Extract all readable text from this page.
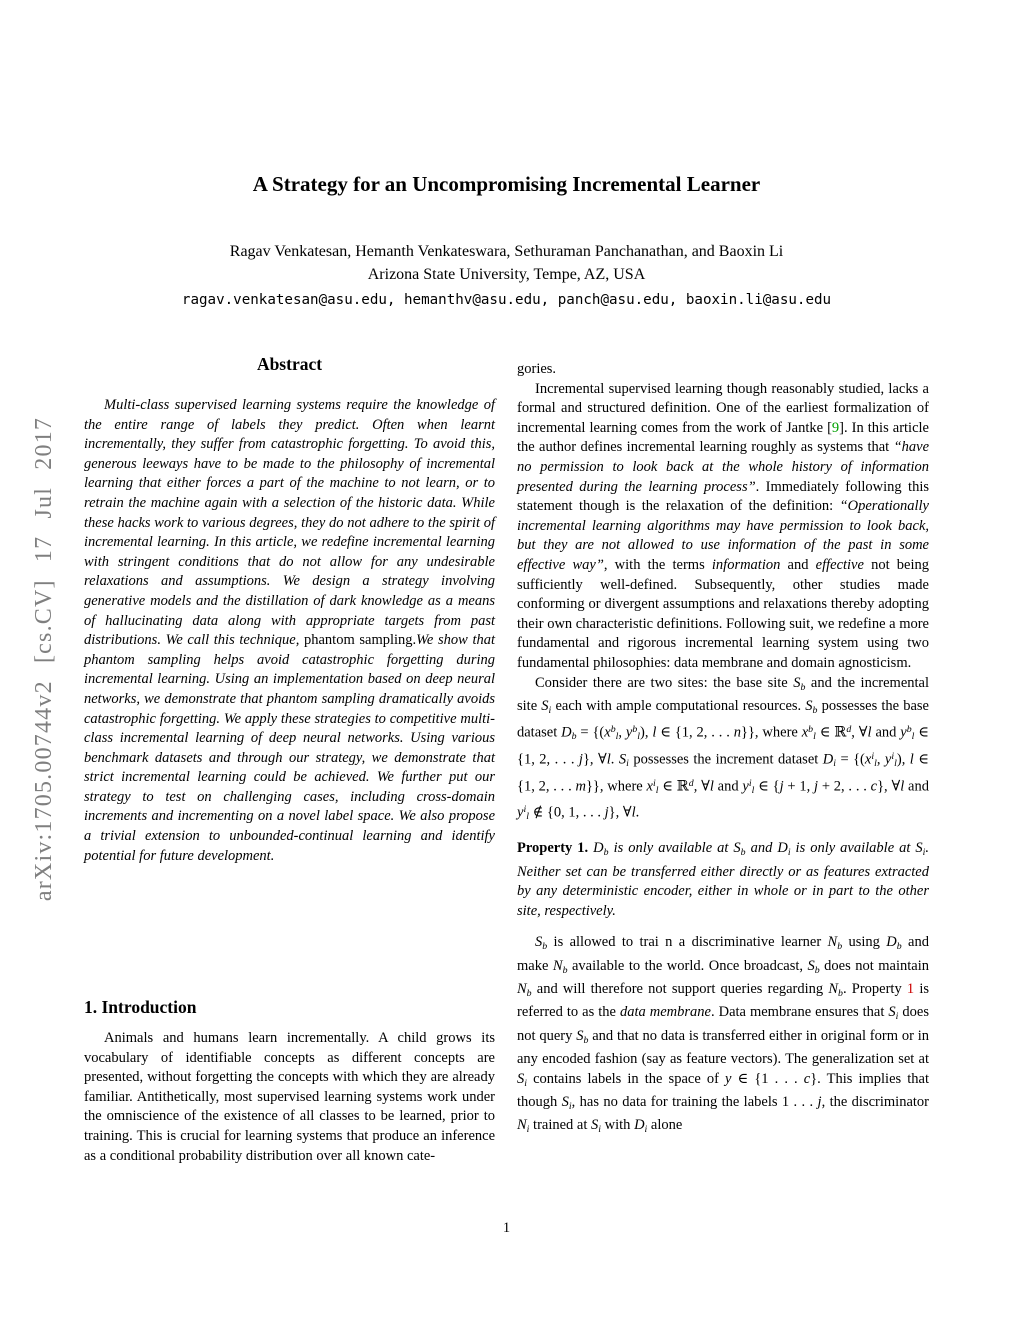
arXiv:1705.00744v2 [cs.CV] 17 Jul 2017
A Strategy for an Uncompromising Incremental Learner
Ragav Venkatesan, Hemanth Venkateswara, Sethuraman Panchanathan, and Baoxin Li
Arizona State University, Tempe, AZ, USA
ragav.venkatesan@asu.edu, hemanthv@asu.edu, panch@asu.edu, baoxin.li@asu.edu
Abstract

Multi-class supervised learning systems require the knowledge of the entire range of labels they predict. Often when learnt incrementally, they suffer from catastrophic forgetting. To avoid this, generous leeways have to be made to the philosophy of incremental learning that either forces a part of the machine to not learn, or to retrain the machine again with a selection of the historic data. While these hacks work to various degrees, they do not adhere to the spirit of incremental learning. In this article, we redefine incremental learning with stringent conditions that do not allow for any undesirable relaxations and assumptions. We design a strategy involving generative models and the distillation of dark knowledge as a means of hallucinating data along with appropriate targets from past distributions. We call this technique, phantom sampling.We show that phantom sampling helps avoid catastrophic forgetting during incremental learning. Using an implementation based on deep neural networks, we demonstrate that phantom sampling dramatically avoids catastrophic forgetting. We apply these strategies to competitive multi-class incremental learning of deep neural networks. Using various benchmark datasets and through our strategy, we demonstrate that strict incremental learning could be achieved. We further put our strategy to test on challenging cases, including cross-domain increments and incrementing on a novel label space. We also propose a trivial extension to unbounded-continual learning and identify potential for future development.

1. Introduction

Animals and humans learn incrementally. A child grows its vocabulary of identifiable concepts as different concepts are presented, without forgetting the concepts with which they are already familiar. Antithetically, most supervised learning systems work under the omniscience of the existence of all classes to be learned, prior to training. This is crucial for learning systems that produce an inference as a conditional probability distribution over all known cate-

gories.

Incremental supervised learning though reasonably studied, lacks a formal and structured definition. One of the earliest formalization of incremental learning comes from the work of Jantke [9]. In this article the author defines incremental learning roughly as systems that “have no permission to look back at the whole history of information presented during the learning process”. Immediately following this statement though is the relaxation of the definition: “Operationally incremental learning algorithms may have permission to look back, but they are not allowed to use information of the past in some effective way”, with the terms information and effective not being sufficiently well-defined. Subsequently, other studies made conforming or divergent assumptions and relaxations thereby adopting their own characteristic definitions. Following suit, we redefine a more fundamental and rigorous incremental learning system using two fundamental philosophies: data membrane and domain agnosticism.

Consider there are two sites: the base site Sb and the incremental site Si each with ample computational resources. Sb possesses the base dataset $Db = \{(x^bl$, $y^bl$), l ∈ {1, 2, . . . n}}, where $x^bl$ ∈ ℝ$^d$, ∀l and $y^bl$ ∈ {1, 2, . . . j}, ∀l. Si possesses the increment dataset $Di = \{(x^il$, $y^il$), l ∈ {1, 2, . . . m}}, where $x^il$ ∈ ℝ$^d$, ∀l and $y^il$ ∈ {j + 1, j + 2, . . . c}, ∀l and $y^il$ ∉ {0, 1, . . . j}, ∀l.

Property 1. Db is only available at Sb and Di is only available at Si. Neither set can be transferred either directly or as features extracted by any deterministic encoder, either in whole or in part to the other site, respectively.

Sb is allowed to trai n a discriminative learner Nb using Db and make Nb available to the world. Once broadcast, Sb does not maintain Nb and will therefore not support queries regarding Nb. Property 1 is referred to as the data membrane. Data membrane ensures that Si does not query Sb and that no data is transferred either in original form or in any encoded fashion (say as feature vectors). The generalization set at Si contains labels in the space of y ∈ {1 . . . c}. This implies that though Si, has no data for training the labels 1 . . . j, the discriminator Ni trained at Si with Di alone

1
